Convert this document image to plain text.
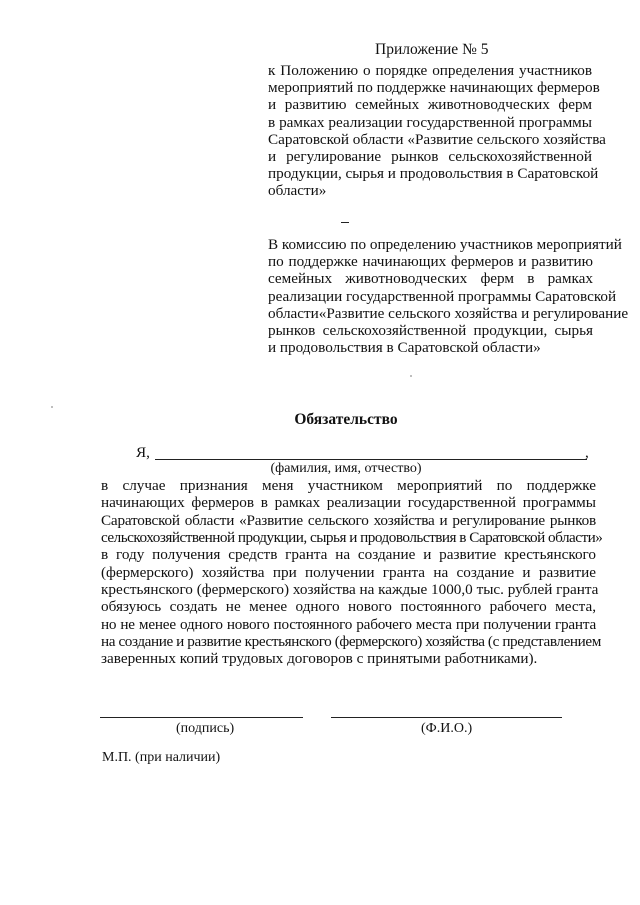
Приложение № 5
к Положению о порядке определения участников
мероприятий по поддержке начинающих фермеров
и развитию семейных животноводческих ферм
в рамках реализации государственной программы
Саратовской области «Развитие сельского хозяйства
и регулирование рынков сельскохозяйственной
продукции, сырья и продовольствия в Саратовской
области»
В комиссию по определению участников мероприятий
по поддержке начинающих фермеров и развитию
семейных животноводческих ферм в рамках
реализации государственной программы Саратовской
области«Развитие сельского хозяйства и регулирование
рынков сельскохозяйственной продукции, сырья
и продовольствия в Саратовской области»
Обязательство
Я,	,
(фамилия, имя, отчество)
в случае признания меня участником мероприятий по поддержке
начинающих фермеров в рамках реализации государственной программы
Саратовской области «Развитие сельского хозяйства и регулирование рынков
сельскохозяйственной продукции, сырья и продовольствия в Саратовской области»
в году получения средств гранта на создание и развитие крестьянского
(фермерского) хозяйства при получении гранта на создание и развитие
крестьянского (фермерского) хозяйства на каждые 1000,0 тыс. рублей гранта
обязуюсь создать не менее одного нового постоянного рабочего места,
но не менее одного нового постоянного рабочего места при получении гранта
на создание и развитие крестьянского (фермерского) хозяйства (с представлением
заверенных копий трудовых договоров с принятыми работниками).
(подпись)	(Ф.И.О.)
М.П. (при наличии)
